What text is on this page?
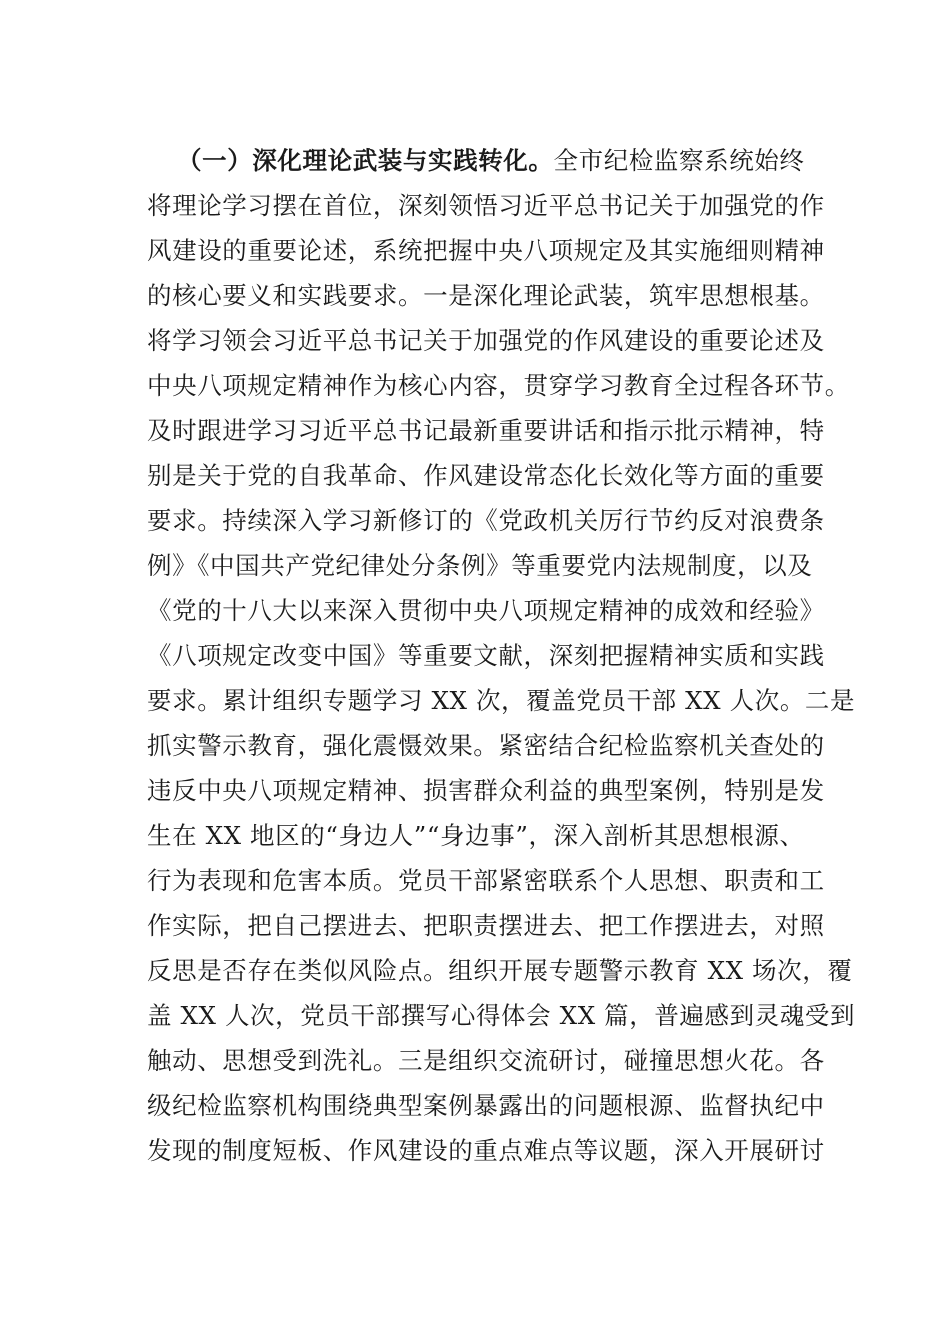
（一）深化理论武装与实践转化。全市纪检监察系统始终
将理论学习摆在首位，深刻领悟习近平总书记关于加强党的作
风建设的重要论述，系统把握中央八项规定及其实施细则精神
的核心要义和实践要求。一是深化理论武装，筑牢思想根基。
将学习领会习近平总书记关于加强党的作风建设的重要论述及
中央八项规定精神作为核心内容，贯穿学习教育全过程各环节。
及时跟进学习习近平总书记最新重要讲话和指示批示精神，特
别是关于党的自我革命、作风建设常态化长效化等方面的重要
要求。持续深入学习新修订的《党政机关厉行节约反对浪费条
例》《中国共产党纪律处分条例》等重要党内法规制度，以及
《党的十八大以来深入贯彻中央八项规定精神的成效和经验》
《八项规定改变中国》等重要文献，深刻把握精神实质和实践
要求。累计组织专题学习 XX 次，覆盖党员干部 XX 人次。二是
抓实警示教育，强化震慑效果。紧密结合纪检监察机关查处的
违反中央八项规定精神、损害群众利益的典型案例，特别是发
生在 XX 地区的“身边人”“身边事”，深入剖析其思想根源、
行为表现和危害本质。党员干部紧密联系个人思想、职责和工
作实际，把自己摆进去、把职责摆进去、把工作摆进去，对照
反思是否存在类似风险点。组织开展专题警示教育 XX 场次，覆
盖 XX 人次，党员干部撰写心得体会 XX 篇，普遍感到灵魂受到
触动、思想受到洗礼。三是组织交流研讨，碰撞思想火花。各
级纪检监察机构围绕典型案例暴露出的问题根源、监督执纪中
发现的制度短板、作风建设的重点难点等议题，深入开展研讨
